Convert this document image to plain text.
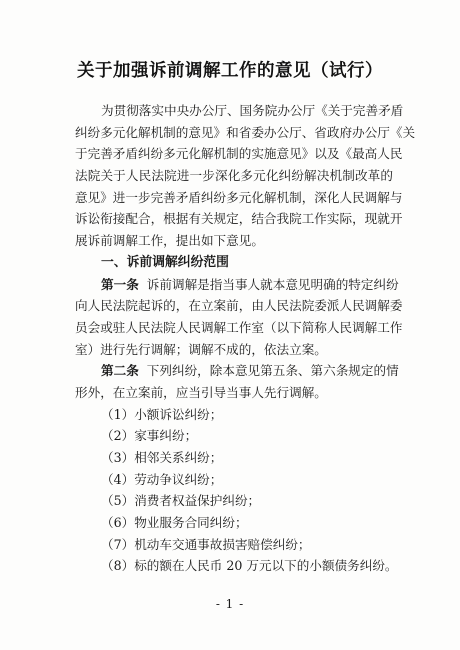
关于加强诉前调解工作的意见（试行）
为贯彻落实中央办公厅、国务院办公厅《关于完善矛盾
纠纷多元化解机制的意见》和省委办公厅、省政府办公厅《关
于完善矛盾纠纷多元化解机制的实施意见》以及《最高人民
法院关于人民法院进一步深化多元化纠纷解决机制改革的
意见》进一步完善矛盾纠纷多元化解机制，深化人民调解与
诉讼衔接配合，根据有关规定，结合我院工作实际，现就开
展诉前调解工作，提出如下意见。
一、诉前调解纠纷范围
第一条 诉前调解是指当事人就本意见明确的特定纠纷
向人民法院起诉的，在立案前，由人民法院委派人民调解委
员会或驻人民法院人民调解工作室（以下简称人民调解工作
室）进行先行调解；调解不成的，依法立案。
第二条 下列纠纷，除本意见第五条、第六条规定的情
形外，在立案前，应当引导当事人先行调解。
（1）小额诉讼纠纷；
（2）家事纠纷；
（3）相邻关系纠纷；
（4）劳动争议纠纷；
（5）消费者权益保护纠纷；
（6）物业服务合同纠纷；
（7）机动车交通事故损害赔偿纠纷；
（8）标的额在人民币 20 万元以下的小额债务纠纷。
- 1 -
